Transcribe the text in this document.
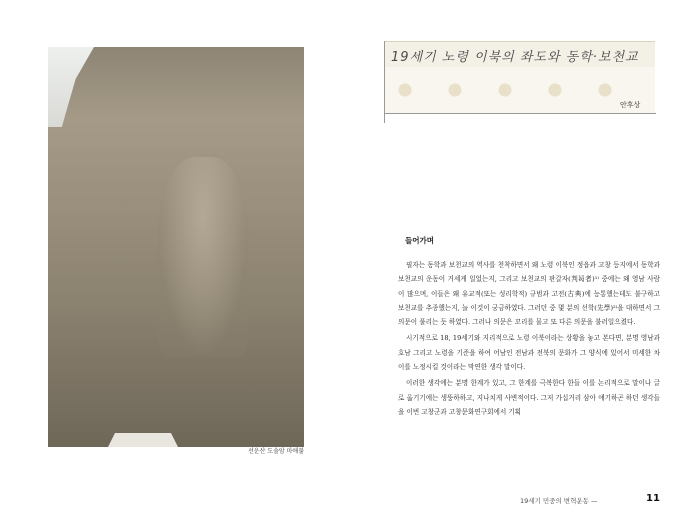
선운산 도솔암 마애불
19세기 노령 이북의 좌도와 동학·보천교
안후상
들어가며

필자는 동학과 보천교의 역사를 천착하면서 왜 노령 이북인 정읍과 고창 등지에서 동학과 보천교의 운동이 거세게 일었는지, 그리고 보천교의 판갈자(判曷者)¹⁾ 중에는 왜 영남 사람이 많으며, 이들은 왜 유교적(또는 성리학적) 규범과 고전(古典)에 능통했는데도 불구하고 보천교를 추종했는지, 늘 이것이 궁금하였다. 그러던 중 몇 분의 선학(先學)²⁾을 대하면서 그 의문이 풀리는 듯 하였다. 그러나 의문은 꼬리를 물고 또 다른 의문을 불러일으켰다.

시기적으로 18, 19세기와 지리적으로 노령 이북이라는 상황을 놓고 본다면, 분명 영남과 호남 그리고 노령을 기준을 하여 어남인 전남과 전북의 문화가 그 양식에 있어서 미세한 차이를 노정시킬 것이라는 막연한 생각 말이다.

이러한 생각에는 분명 한계가 있고, 그 한계를 극복한다 한들 이를 논리적으로 말이나 글로 옮기기에는 생뚱하하고, 지나치게 사변적이다. 그저 가십거리 삼아 얘기하곤 하던 생각들을 이번 고창군과 고창문화연구회에서 기획

19세기 민중의 변혁운동 —	11
